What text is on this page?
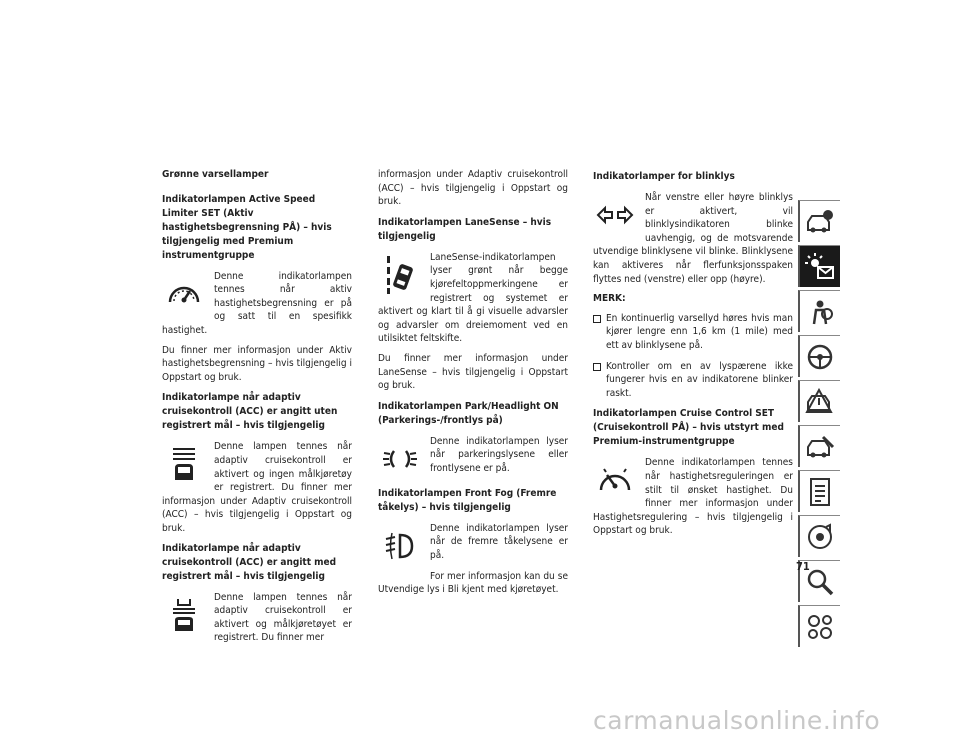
Grønne varsellamper
Indikatorlampen Active Speed Limiter SET (Aktiv hastighetsbegrensning PÅ) – hvis tilgjengelig med Premium instrumentgruppe

Denne indikatorlampen tennes når aktiv hastighetsbegrensning er på og satt til en spesifikk hastighet.

Du finner mer informasjon under Aktiv hastighetsbegrensning – hvis tilgjengelig i Oppstart og bruk.

Indikatorlampe når adaptiv cruisekontroll (ACC) er angitt uten registrert mål – hvis tilgjengelig

Denne lampen tennes når adaptiv cruisekontroll er aktivert og ingen målkjøretøy er registrert. Du finner mer informasjon under Adaptiv cruisekontroll (ACC) – hvis tilgjengelig i Oppstart og bruk.

Indikatorlampe når adaptiv cruisekontroll (ACC) er angitt med registrert mål – hvis tilgjengelig

Denne lampen tennes når adaptiv cruisekontroll er aktivert og målkjøretøyet er registrert. Du finner mer

informasjon under Adaptiv cruisekontroll (ACC) – hvis tilgjengelig i Oppstart og bruk.

Indikatorlampen LaneSense – hvis tilgjengelig

LaneSense-indikatorlampen lyser grønt når begge kjørefeltoppmerkingene er registrert og systemet er aktivert og klart til å gi visuelle advarsler og advarsler om dreiemoment ved en utilsiktet feltskifte.

Du finner mer informasjon under LaneSense – hvis tilgjengelig i Oppstart og bruk.

Indikatorlampen Park/Headlight ON (Parkerings-/frontlys på)

Denne indikatorlampen lyser når parkeringslysene eller frontlysene er på.

Indikatorlampen Front Fog (Fremre tåkelys) – hvis tilgjengelig

Denne indikatorlampen lyser når de fremre tåkelysene er på.

For mer informasjon kan du se Utvendige lys i Bli kjent med kjøretøyet.

Indikatorlamper for blinklys

Når venstre eller høyre blinklys er aktivert, vil blinklysindikatoren blinke uavhengig, og de motsvarende utvendige blinklysene vil blinke. Blinklysene kan aktiveres når flerfunksjonsspaken flyttes ned (venstre) eller opp (høyre).

MERK:
En kontinuerlig varsellyd høres hvis man kjører lengre enn 1,6 km (1 mile) med ett av blinklysene på.
Kontroller om en av lyspærene ikke fungerer hvis en av indikatorene blinker raskt.
Indikatorlampen Cruise Control SET (Cruisekontroll PÅ) – hvis utstyrt med Premium-instrumentgruppe

Denne indikatorlampen tennes når hastighetsreguleringen er stilt til ønsket hastighet. Du finner mer informasjon under Hastighetsregulering – hvis tilgjengelig i Oppstart og bruk.

71
carmanualsonline.info
